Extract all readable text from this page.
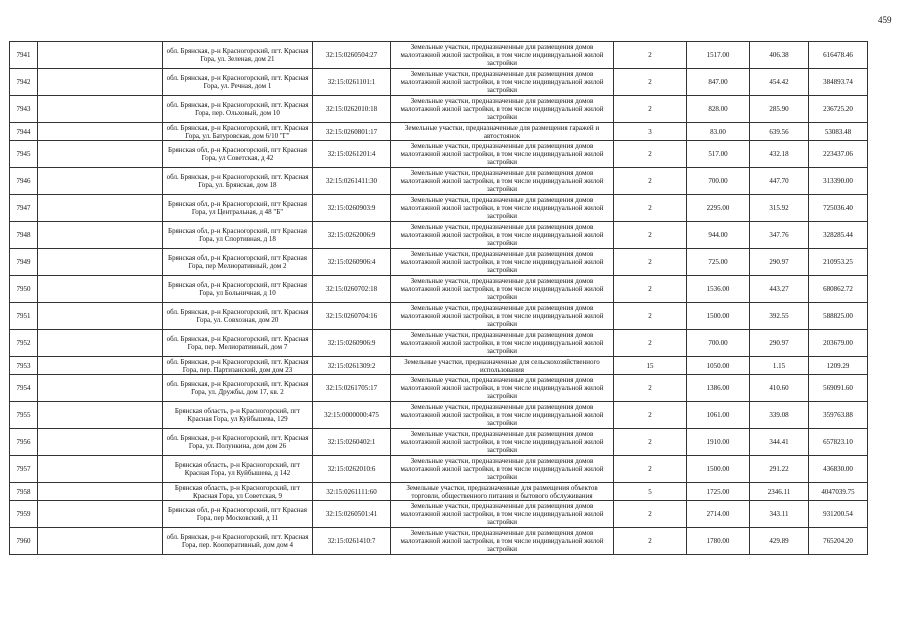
459
7941		обл. Брянская, р-н Красногорский, пгт. Красная Гора, ул. Зеленая, дом 21	32:15:0260504:27	Земельные участки, предназначенные для размещения домов малоэтажной жилой застройки, в том числе индивидуальной жилой застройки	2	1517.00	406.38	616478.46
7942		обл. Брянская, р-н Красногорский, пгт. Красная Гора, ул. Речная, дом 1	32:15:0261101:1	Земельные участки, предназначенные для размещения домов малоэтажной жилой застройки, в том числе индивидуальной жилой застройки	2	847.00	454.42	384893.74
7943		обл. Брянская, р-н Красногорский, пгт. Красная Гора, пер. Ольховый, дом 10	32:15:0262010:18	Земельные участки, предназначенные для размещения домов малоэтажной жилой застройки, в том числе индивидуальной жилой застройки	2	828.00	285.90	236725.20
7944		обл. Брянская, р-н Красногорский, пгт. Красная Гора, ул. Батуровская, дом 6/10 "Г"	32:15:0260801:17	Земельные участки, предназначенные для размещения гаражей и автостоянок	3	83.00	639.56	53083.48
7945		Брянская обл, р-н Красногорский, пгт Красная Гора, ул Советская, д 42	32:15:0261201:4	Земельные участки, предназначенные для размещения домов малоэтажной жилой застройки, в том числе индивидуальной жилой застройки	2	517.00	432.18	223437.06
7946		обл. Брянская, р-н Красногорский, пгт. Красная Гора, ул. Брянская, дом 18	32:15:0261411:30	Земельные участки, предназначенные для размещения домов малоэтажной жилой застройки, в том числе индивидуальной жилой застройки	2	700.00	447.70	313390.00
7947		Брянская обл, р-н Красногорский, пгт Красная Гора, ул Центральная, д 48 "Б"	32:15:0260903:9	Земельные участки, предназначенные для размещения домов малоэтажной жилой застройки, в том числе индивидуальной жилой застройки	2	2295.00	315.92	725036.40
7948		Брянская обл, р-н Красногорский, пгт Красная Гора, ул Спортивная, д 18	32:15:0262006:9	Земельные участки, предназначенные для размещения домов малоэтажной жилой застройки, в том числе индивидуальной жилой застройки	2	944.00	347.76	328285.44
7949		Брянская обл, р-н Красногорский, пгт Красная Гора, пер Мелиоративный, дом 2	32:15:0260906:4	Земельные участки, предназначенные для размещения домов малоэтажной жилой застройки, в том числе индивидуальной жилой застройки	2	725.00	290.97	210953.25
7950		Брянская обл, р-н Красногорский, пгт Красная Гора, ул Больничная, д 10	32:15:0260702:18	Земельные участки, предназначенные для размещения домов малоэтажной жилой застройки, в том числе индивидуальной жилой застройки	2	1536.00	443.27	680862.72
7951		обл. Брянская, р-н Красногорский, пгт. Красная Гора, ул. Совхозная, дом 20	32:15:0260704:16	Земельные участки, предназначенные для размещения домов малоэтажной жилой застройки, в том числе индивидуальной жилой застройки	2	1500.00	392.55	588825.00
7952		обл. Брянская, р-н Красногорский, пгт. Красная Гора, пер. Мелиоративный, дом 7	32:15:0260906:9	Земельные участки, предназначенные для размещения домов малоэтажной жилой застройки, в том числе индивидуальной жилой застройки	2	700.00	290.97	203679.00
7953		обл. Брянская, р-н Красногорский, пгт. Красная Гора, пер. Партизанский, дом дом 23	32:15:0261309:2	Земельные участки, предназначенные для сельскохозяйственного использования	15	1050.00	1.15	1209.29
7954		обл. Брянская, р-н Красногорский, пгт. Красная Гора, ул. Дружбы, дом 17, кв. 2	32:15:0261705:17	Земельные участки, предназначенные для размещения домов малоэтажной жилой застройки, в том числе индивидуальной жилой застройки	2	1386.00	410.60	569091.60
7955		Брянская область, р-н Красногорский, пгт Красная Гора, ул Куйбышева, 129	32:15:0000000:475	Земельные участки, предназначенные для размещения домов малоэтажной жилой застройки, в том числе индивидуальной жилой застройки	2	1061.00	339.08	359763.88
7956		обл. Брянская, р-н Красногорский, пгт. Красная Гора, ул. Полункина, дом дом 26	32:15:0260402:1	Земельные участки, предназначенные для размещения домов малоэтажной жилой застройки, в том числе индивидуальной жилой застройки	2	1910.00	344.41	657823.10
7957		Брянская область, р-н Красногорский, пгт Красная Гора, ул Куйбышева, д 142	32:15:0262010:6	Земельные участки, предназначенные для размещения домов малоэтажной жилой застройки, в том числе индивидуальной жилой застройки	2	1500.00	291.22	436830.00
7958		Брянская область, р-н Красногорский, пгт Красная Гора, ул Советская, 9	32:15:0261111:60	Земельные участки, предназначенные для размещения объектов торговли, общественного питания и бытового обслуживания	5	1725.00	2346.11	4047039.75
7959		Брянская обл, р-н Красногорский, пгт Красная Гора, пер Московский, д 11	32:15:0260501:41	Земельные участки, предназначенные для размещения домов малоэтажной жилой застройки, в том числе индивидуальной жилой застройки	2	2714.00	343.11	931200.54
7960		обл. Брянская, р-н Красногорский, пгт. Красная Гора, пер. Кооперативный, дом дом 4	32:15:0261410:7	Земельные участки, предназначенные для размещения домов малоэтажной жилой застройки, в том числе индивидуальной жилой застройки	2	1780.00	429.89	765204.20
